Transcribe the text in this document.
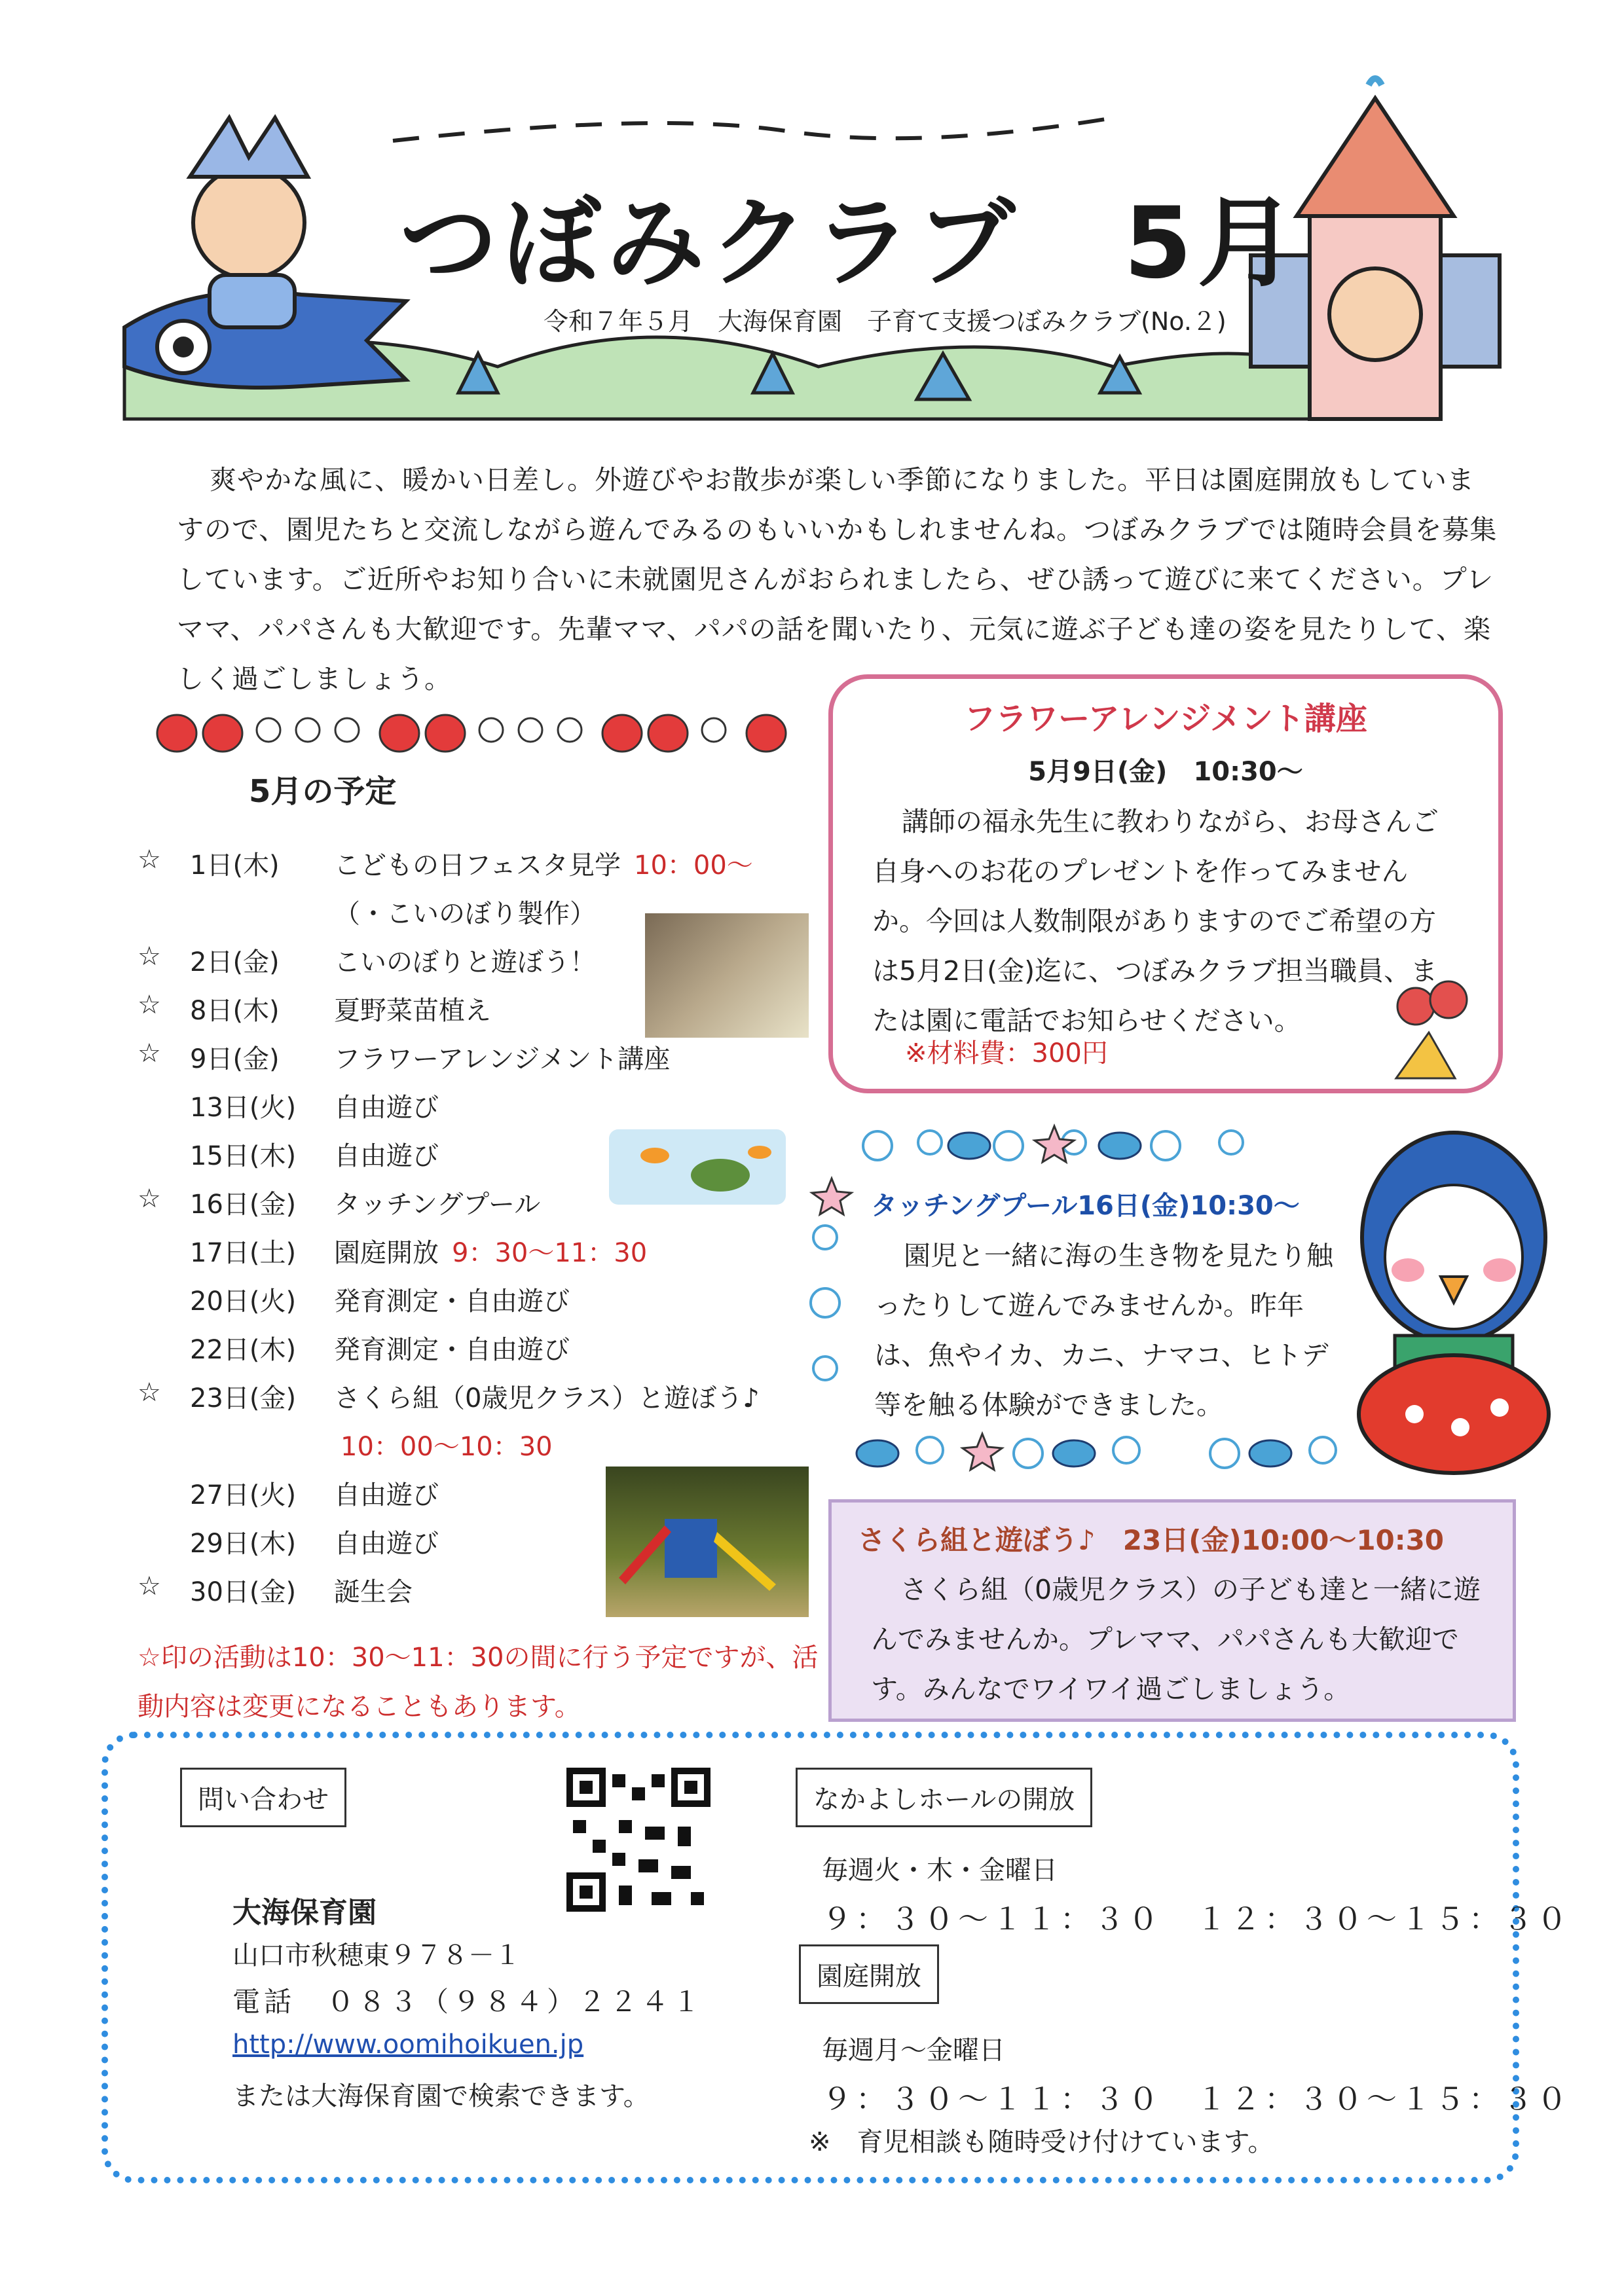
つぼみクラブ　5月
令和７年５月　大海保育園　子育て支援つぼみクラブ(No.２)
爽やかな風に、暖かい日差し。外遊びやお散歩が楽しい季節になりました。平日は園庭開放もしていますので、園児たちと交流しながら遊んでみるのもいいかもしれませんね。つぼみクラブでは随時会員を募集しています。ご近所やお知り合いに未就園児さんがおられましたら、ぜひ誘って遊びに来てください。プレママ、パパさんも大歓迎です。先輩ママ、パパの話を聞いたり、元気に遊ぶ子ども達の姿を見たりして、楽しく過ごしましょう。
5月の予定
☆	1日(木)	こどもの日フェスタ見学 10：00～
（・こいのぼり製作）
☆	2日(金)	こいのぼりと遊ぼう！
☆	8日(木)	夏野菜苗植え
☆	9日(金)	フラワーアレンジメント講座
13日(火)	自由遊び
15日(木)	自由遊び
☆	16日(金)	タッチングプール
17日(土)	園庭開放 9：30～11：30
20日(火)	発育測定・自由遊び
22日(木)	発育測定・自由遊び
☆	23日(金)	さくら組（0歳児クラス）と遊ぼう♪
10：00～10：30
27日(火)	自由遊び
29日(木)	自由遊び
☆	30日(金)	誕生会
☆印の活動は10：30～11：30の間に行う予定ですが、活動内容は変更になることもあります。
フラワーアレンジメント講座
5月9日(金)　10:30～
講師の福永先生に教わりながら、お母さんご自身へのお花のプレゼントを作ってみませんか。今回は人数制限がありますのでご希望の方は5月2日(金)迄に、つぼみクラブ担当職員、または園に電話でお知らせください。
※材料費：300円
タッチングプール16日(金)10:30～
園児と一緒に海の生き物を見たり触ったりして遊んでみませんか。昨年は、魚やイカ、カニ、ナマコ、ヒトデ等を触る体験ができました。
さくら組と遊ぼう♪　23日(金)10:00～10:30
さくら組（0歳児クラス）の子ども達と一緒に遊んでみませんか。プレママ、パパさんも大歓迎です。みんなでワイワイ過ごしましょう。
問い合わせ
大海保育園
山口市秋穂東９７８－１
電話　０８３（９８４）２２４１
http://www.oomihoikuen.jp
または大海保育園で検索できます。
なかよしホールの開放
毎週火・木・金曜日
９：３０～１１：３０　１２：３０～１５：３０
園庭開放
毎週月～金曜日
９：３０～１１：３０　１２：３０～１５：３０
※　育児相談も随時受け付けています。
